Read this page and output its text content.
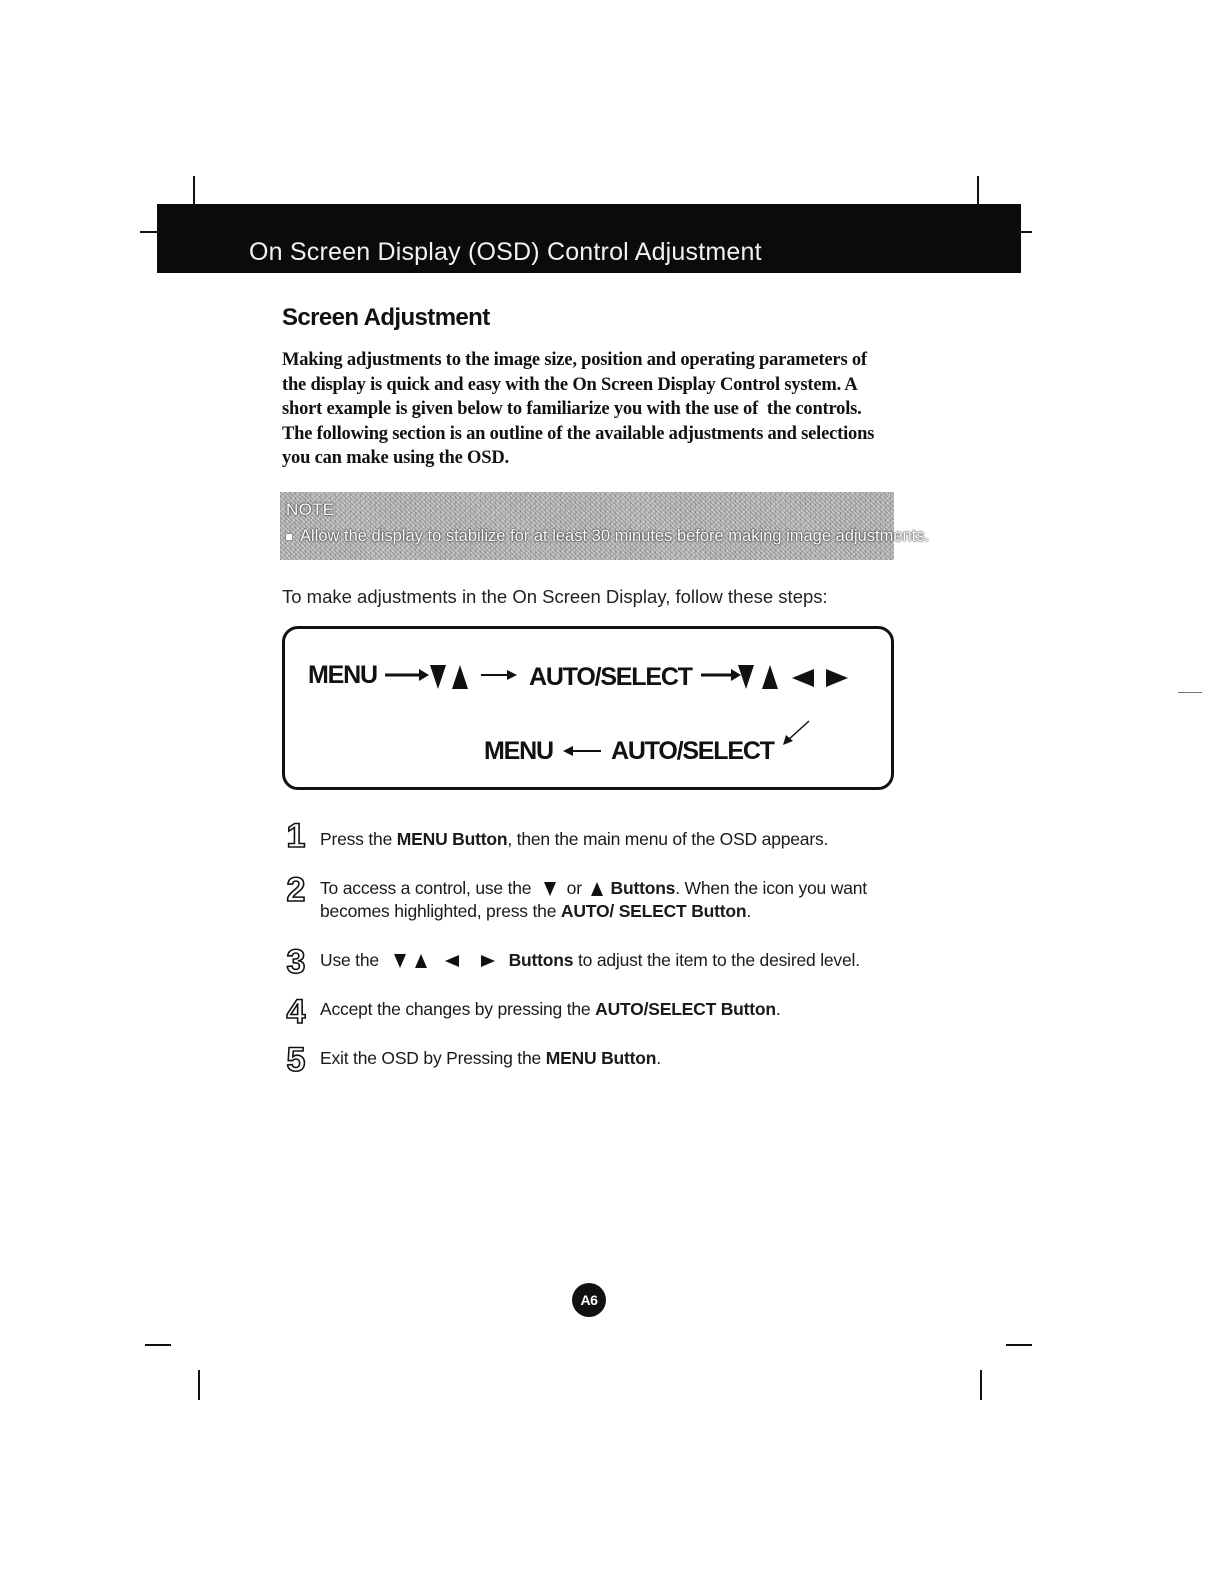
On Screen Display (OSD) Control Adjustment
Screen Adjustment
Making adjustments to the image size, position and operating parameters of
the display is quick and easy with the On Screen Display Control system. A
short example is given below to familiarize you with the use of  the controls.
The following section is an outline of the available adjustments and selections
you can make using the OSD.
NOTE
Allow the display to stabilize for at least 30 minutes before making image adjustments.
To make adjustments in the On Screen Display, follow these steps:
MENU	AUTO/SELECT
MENU AUTO/SELECT
1 Press the MENU Button, then the main menu of the OSD appears.
2 To access a control, use the or Buttons. When the icon you want
becomes highlighted, press the AUTO/ SELECT Button.
3 Use the	Buttons to adjust the item to the desired level.
4 Accept the changes by pressing the AUTO/SELECT Button.
5 Exit the OSD by Pressing the MENU Button.
A6
